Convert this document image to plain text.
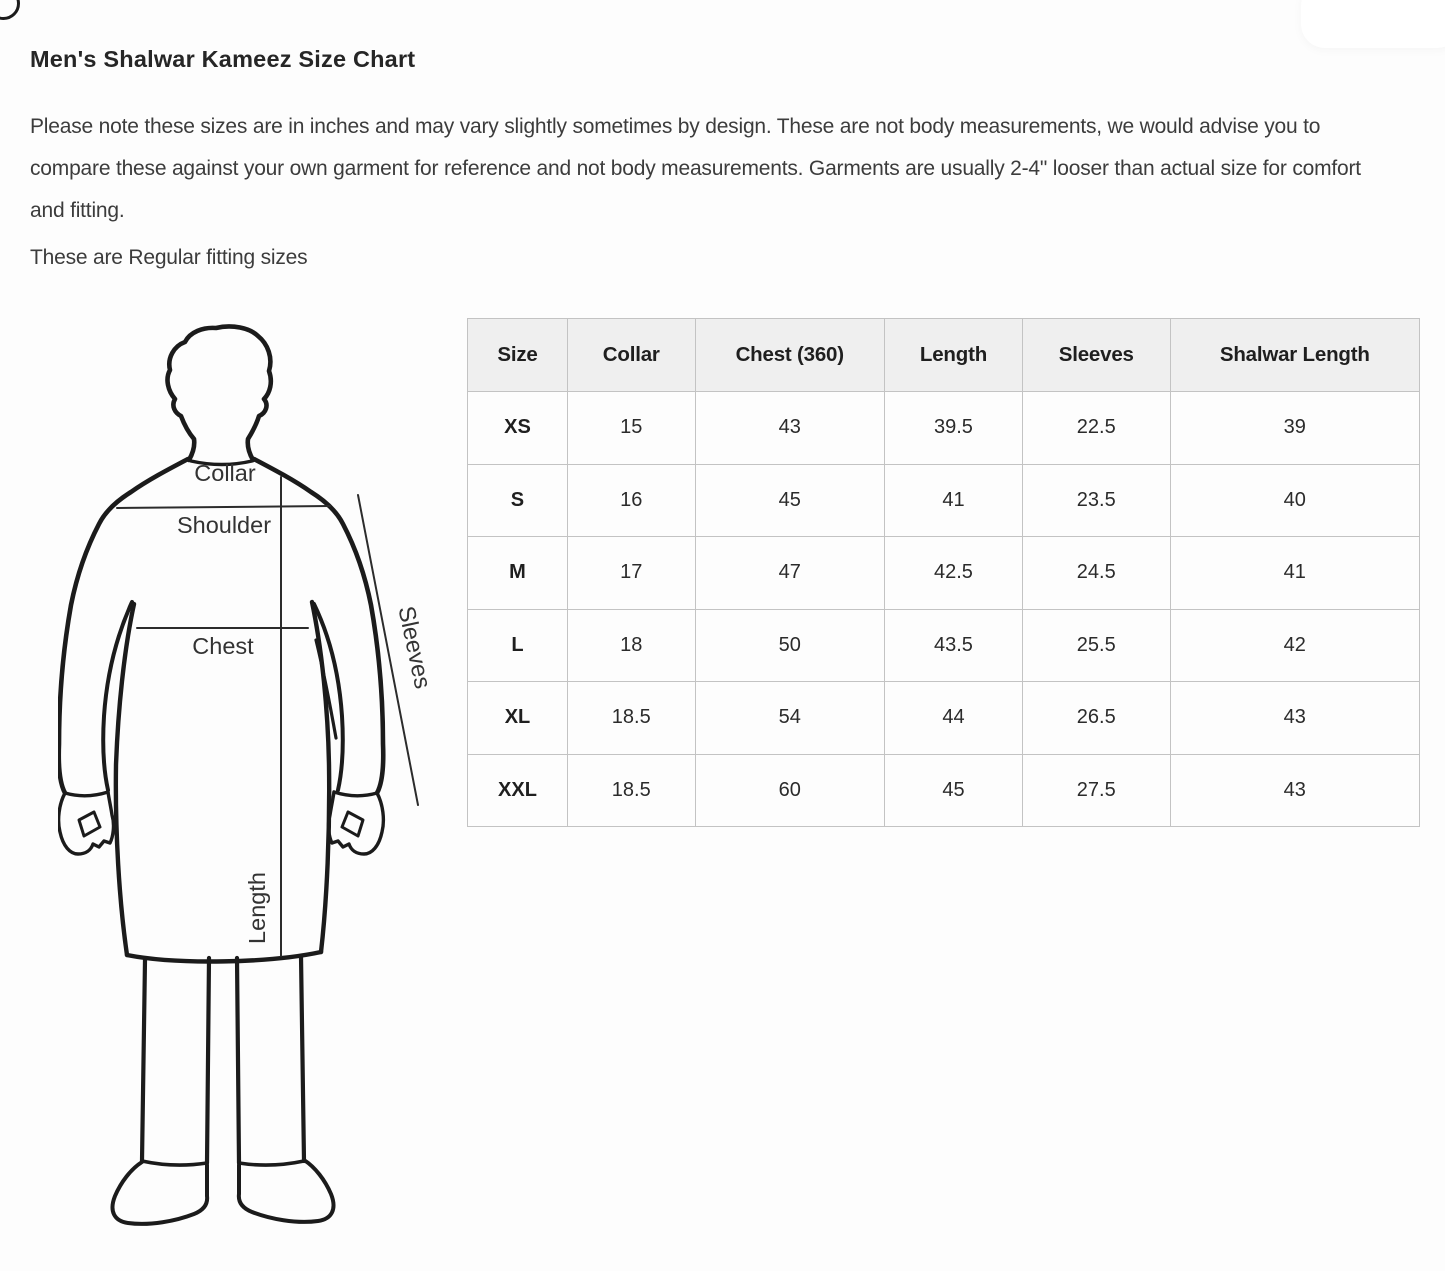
Men's Shalwar Kameez Size Chart

Please note these sizes are in inches and may vary slightly sometimes by design. These are not body measurements, we would advise you to compare these against your own garment for reference and not body measurements. Garments are usually 2-4" looser than actual size for comfort and fitting.

These are Regular fitting sizes

Collar
Shoulder
Chest	Sleeves
Length
Size	Collar	Chest (360)	Length	Sleeves	Shalwar Length
XS	15	43	39.5	22.5	39
S	16	45	41	23.5	40
M	17	47	42.5	24.5	41
L	18	50	43.5	25.5	42
XL	18.5	54	44	26.5	43
XXL	18.5	60	45	27.5	43
